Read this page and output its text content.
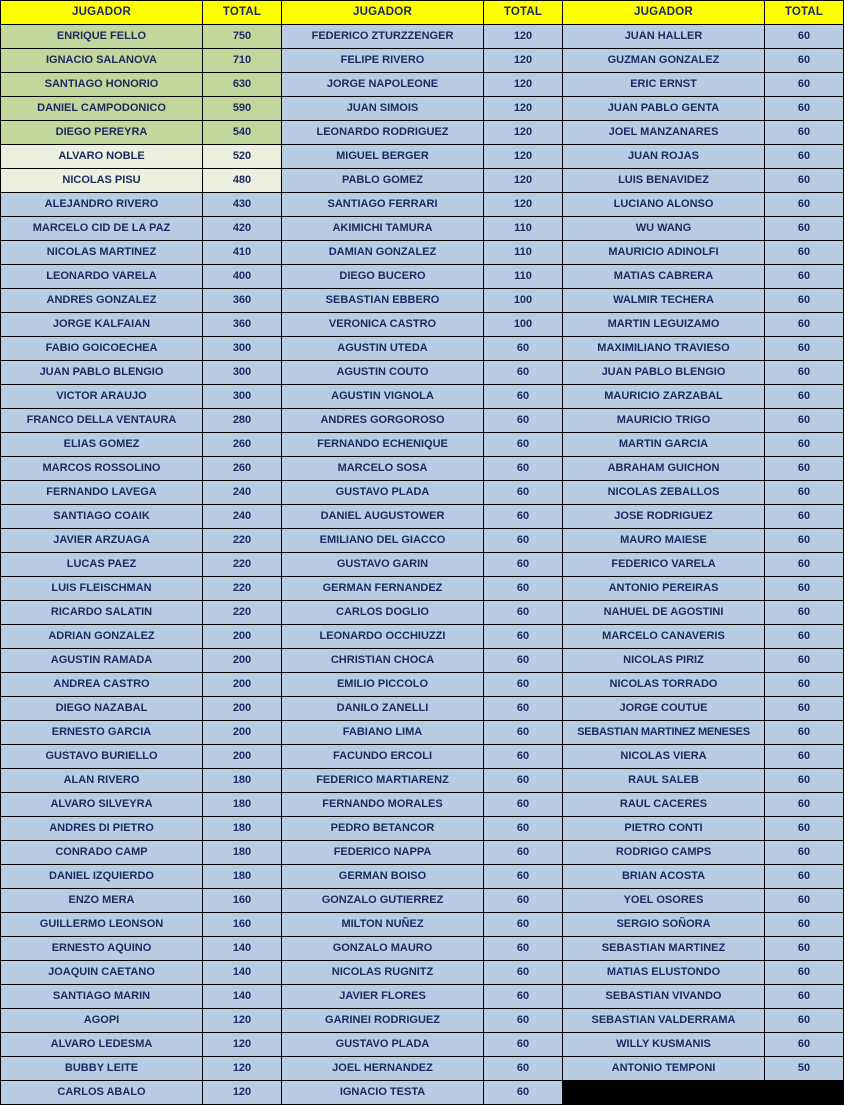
JUGADOR	TOTAL	JUGADOR	TOTAL	JUGADOR	TOTAL
ENRIQUE FELLO	750	FEDERICO ZTURZZENGER	120	JUAN HALLER	60
IGNACIO SALANOVA	710	FELIPE RIVERO	120	GUZMAN GONZALEZ	60
SANTIAGO HONORIO	630	JORGE NAPOLEONE	120	ERIC ERNST	60
DANIEL CAMPODONICO	590	JUAN SIMOIS	120	JUAN PABLO GENTA	60
DIEGO PEREYRA	540	LEONARDO RODRIGUEZ	120	JOEL MANZANARES	60
ALVARO NOBLE	520	MIGUEL BERGER	120	JUAN ROJAS	60
NICOLAS PISU	480	PABLO GOMEZ	120	LUIS BENAVIDEZ	60
ALEJANDRO RIVERO	430	SANTIAGO FERRARI	120	LUCIANO ALONSO	60
MARCELO CID DE LA PAZ	420	AKIMICHI TAMURA	110	WU WANG	60
NICOLAS MARTINEZ	410	DAMIAN GONZALEZ	110	MAURICIO ADINOLFI	60
LEONARDO VARELA	400	DIEGO BUCERO	110	MATIAS CABRERA	60
ANDRES GONZALEZ	360	SEBASTIAN EBBERO	100	WALMIR TECHERA	60
JORGE KALFAIAN	360	VERONICA CASTRO	100	MARTIN LEGUIZAMO	60
FABIO GOICOECHEA	300	AGUSTIN UTEDA	60	MAXIMILIANO TRAVIESO	60
JUAN PABLO BLENGIO	300	AGUSTIN COUTO	60	JUAN PABLO BLENGIO	60
VICTOR ARAUJO	300	AGUSTIN VIGNOLA	60	MAURICIO ZARZABAL	60
FRANCO DELLA VENTAURA	280	ANDRES GORGOROSO	60	MAURICIO TRIGO	60
ELIAS GOMEZ	260	FERNANDO ECHENIQUE	60	MARTIN GARCIA	60
MARCOS ROSSOLINO	260	MARCELO SOSA	60	ABRAHAM GUICHON	60
FERNANDO LAVEGA	240	GUSTAVO PLADA	60	NICOLAS ZEBALLOS	60
SANTIAGO COAIK	240	DANIEL AUGUSTOWER	60	JOSE RODRIGUEZ	60
JAVIER ARZUAGA	220	EMILIANO DEL GIACCO	60	MAURO MAIESE	60
LUCAS PAEZ	220	GUSTAVO GARIN	60	FEDERICO VARELA	60
LUIS FLEISCHMAN	220	GERMAN FERNANDEZ	60	ANTONIO PEREIRAS	60
RICARDO SALATIN	220	CARLOS DOGLIO	60	NAHUEL DE AGOSTINI	60
ADRIAN GONZALEZ	200	LEONARDO OCCHIUZZI	60	MARCELO CANAVERIS	60
AGUSTIN RAMADA	200	CHRISTIAN CHOCA	60	NICOLAS PIRIZ	60
ANDREA CASTRO	200	EMILIO PICCOLO	60	NICOLAS TORRADO	60
DIEGO NAZABAL	200	DANILO ZANELLI	60	JORGE COUTUE	60
ERNESTO GARCIA	200	FABIANO LIMA	60	SEBASTIAN MARTINEZ MENESES	60
GUSTAVO BURIELLO	200	FACUNDO ERCOLI	60	NICOLAS VIERA	60
ALAN RIVERO	180	FEDERICO MARTIARENZ	60	RAUL SALEB	60
ALVARO SILVEYRA	180	FERNANDO MORALES	60	RAUL CACERES	60
ANDRES DI PIETRO	180	PEDRO BETANCOR	60	PIETRO CONTI	60
CONRADO CAMP	180	FEDERICO NAPPA	60	RODRIGO CAMPS	60
DANIEL IZQUIERDO	180	GERMAN BOISO	60	BRIAN ACOSTA	60
ENZO MERA	160	GONZALO GUTIERREZ	60	YOEL OSORES	60
GUILLERMO LEONSON	160	MILTON NUÑEZ	60	SERGIO SOÑORA	60
ERNESTO AQUINO	140	GONZALO MAURO	60	SEBASTIAN MARTINEZ	60
JOAQUIN CAETANO	140	NICOLAS RUGNITZ	60	MATIAS ELUSTONDO	60
SANTIAGO MARIN	140	JAVIER FLORES	60	SEBASTIAN VIVANDO	60
AGOPI	120	GARINEI RODRIGUEZ	60	SEBASTIAN VALDERRAMA	60
ALVARO LEDESMA	120	GUSTAVO PLADA	60	WILLY KUSMANIS	60
BUBBY LEITE	120	JOEL HERNANDEZ	60	ANTONIO TEMPONI	50
CARLOS ABALO	120	IGNACIO TESTA	60		
